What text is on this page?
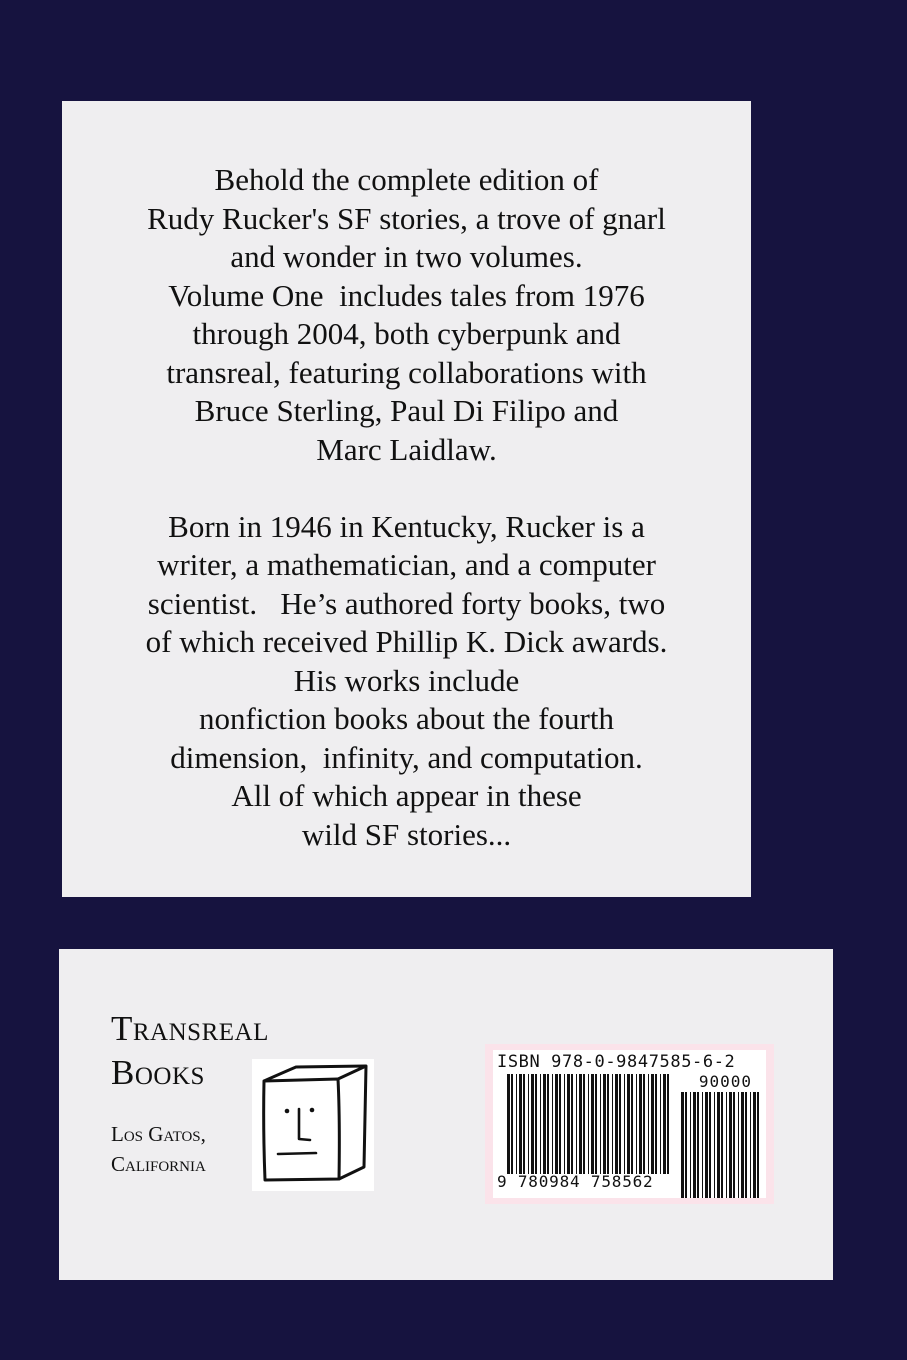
Behold the complete edition of
Rudy Rucker's SF stories, a trove of gnarl
and wonder in two volumes.
Volume One  includes tales from 1976
through 2004, both cyberpunk and
transreal, featuring collaborations with
Bruce Sterling, Paul Di Filipo and
Marc Laidlaw.
Born in 1946 in Kentucky, Rucker is a
writer, a mathematician, and a computer
scientist.   He’s authored forty books, two
of which received Phillip K. Dick awards.
His works include
nonfiction books about the fourth
dimension,  infinity, and computation.
All of which appear in these
wild SF stories...
Transreal
Books
Los Gatos,
California
ISBN 978-0-9847585-6-2
90000
9 780984 758562
